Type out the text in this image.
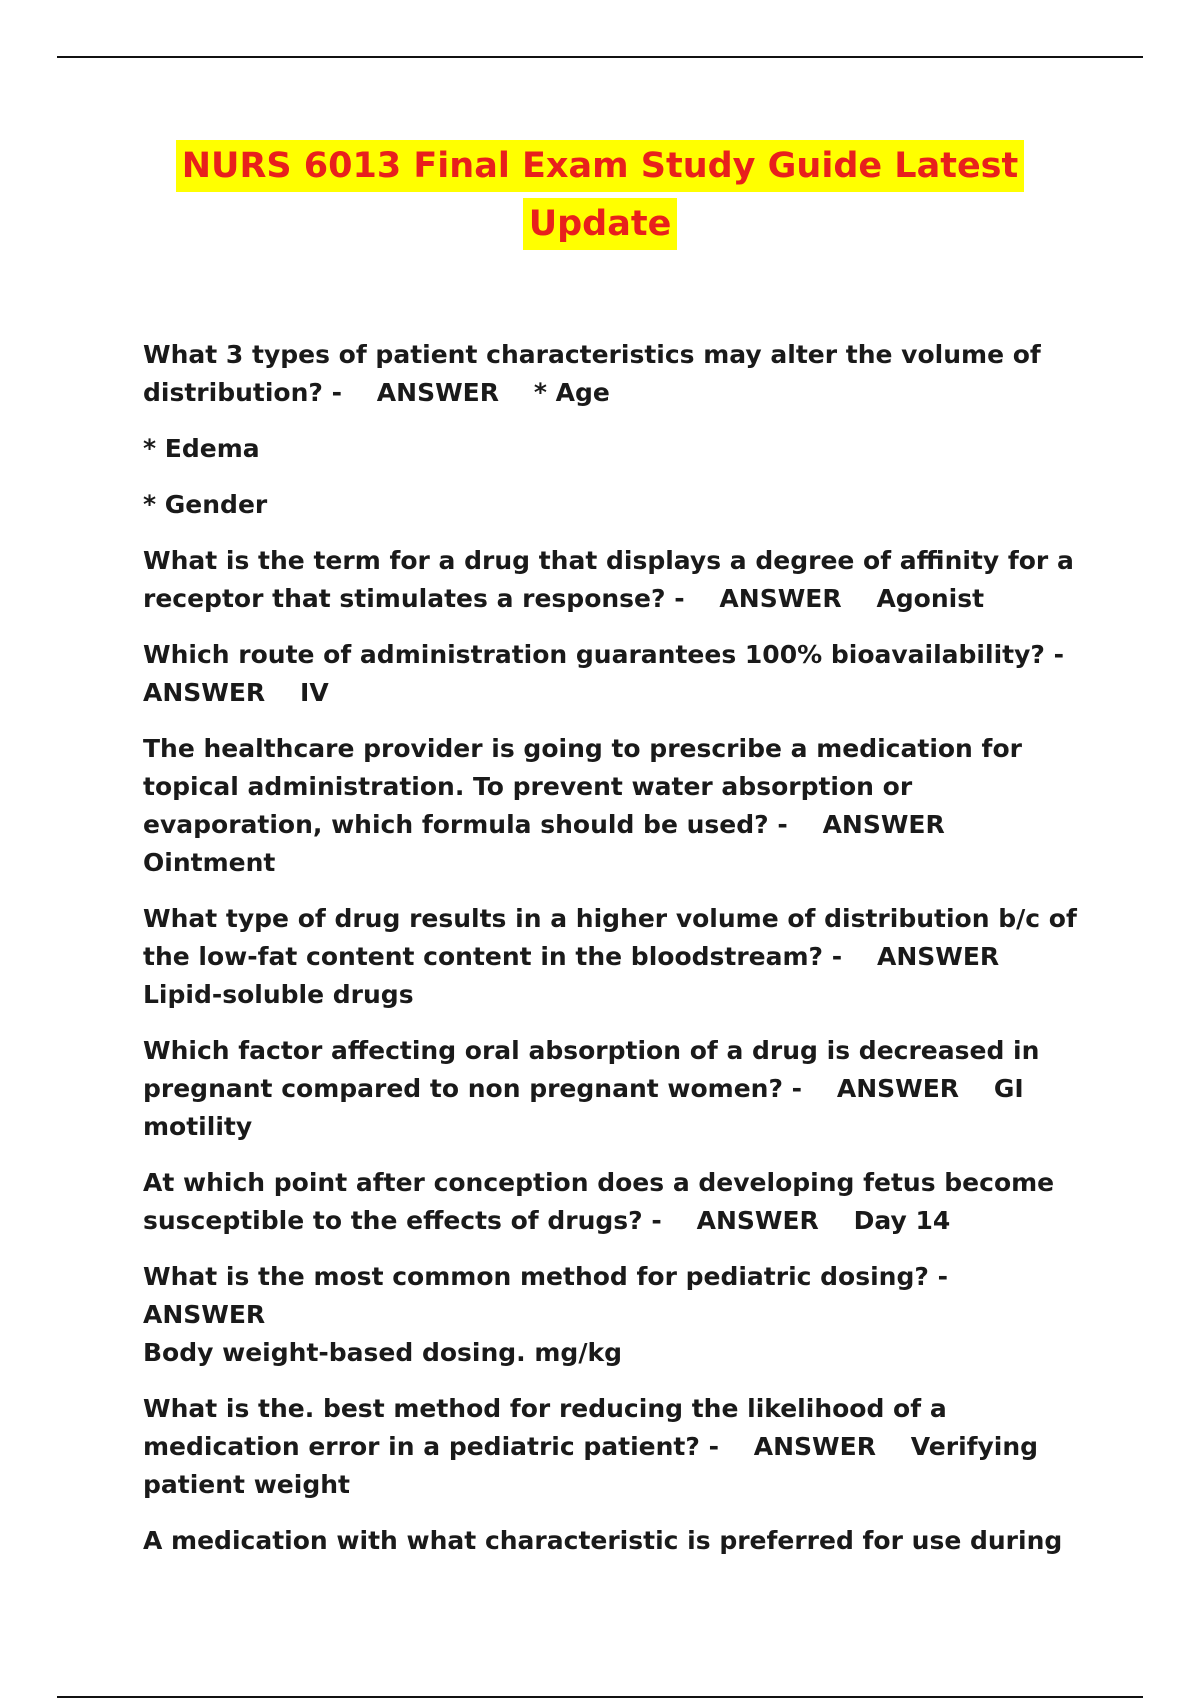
NURS 6013 Final Exam Study Guide Latest
Update

What 3 types of patient characteristics may alter the volume of distribution? - ANSWER * Age

* Edema

* Gender

What is the term for a drug that displays a degree of affinity for a receptor that stimulates a response? - ANSWER Agonist

Which route of administration guarantees 100% bioavailability? -    ANSWER IV

The healthcare provider is going to prescribe a medication for topical administration. To prevent water absorption or evaporation, which formula should be used? - ANSWER    Ointment

What type of drug results in a higher volume of distribution b/c of the low-fat content content in the bloodstream? - ANSWER
Lipid-soluble drugs

Which factor affecting oral absorption of a drug is decreased in pregnant compared to non pregnant women? - ANSWER GI motility

At which point after conception does a developing fetus become susceptible to the effects of drugs? - ANSWER Day 14

What is the most common method for pediatric dosing? -    ANSWER
Body weight-based dosing. mg/kg

What is the. best method for reducing the likelihood of a medication error in a pediatric patient? - ANSWER Verifying patient weight

A medication with what characteristic is preferred for use during
